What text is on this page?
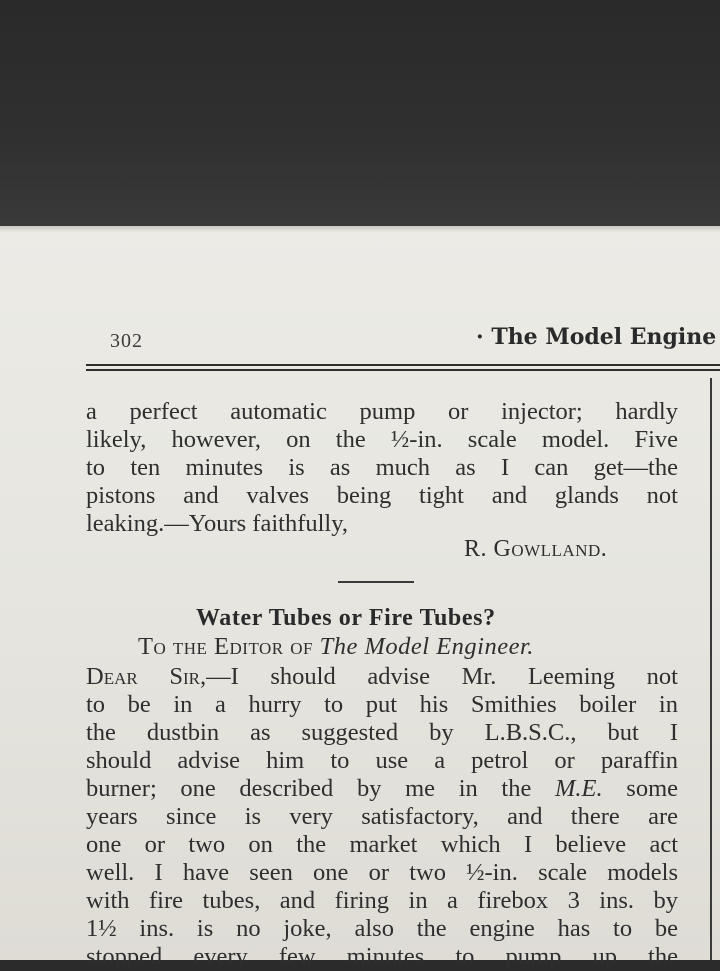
302	· The Model Engine
a perfect automatic pump or injector; hardly
likely, however, on the ½-in. scale model. Five
to ten minutes is as much as I can get—the
pistons and valves being tight and glands not
leaking.—Yours faithfully,
R. Gowlland.
Water Tubes or Fire Tubes?
To the Editor of The Model Engineer.
Dear Sir,—I should advise Mr. Leeming not
to be in a hurry to put his Smithies boiler in
the dustbin as suggested by L.B.S.C., but I
should advise him to use a petrol or paraffin
burner; one described by me in the M.E. some
years since is very satisfactory, and there are
one or two on the market which I believe act
well. I have seen one or two ½-in. scale models
with fire tubes, and firing in a firebox 3 ins. by
1½ ins. is no joke, also the engine has to be
stopped every few minutes to pump up the
